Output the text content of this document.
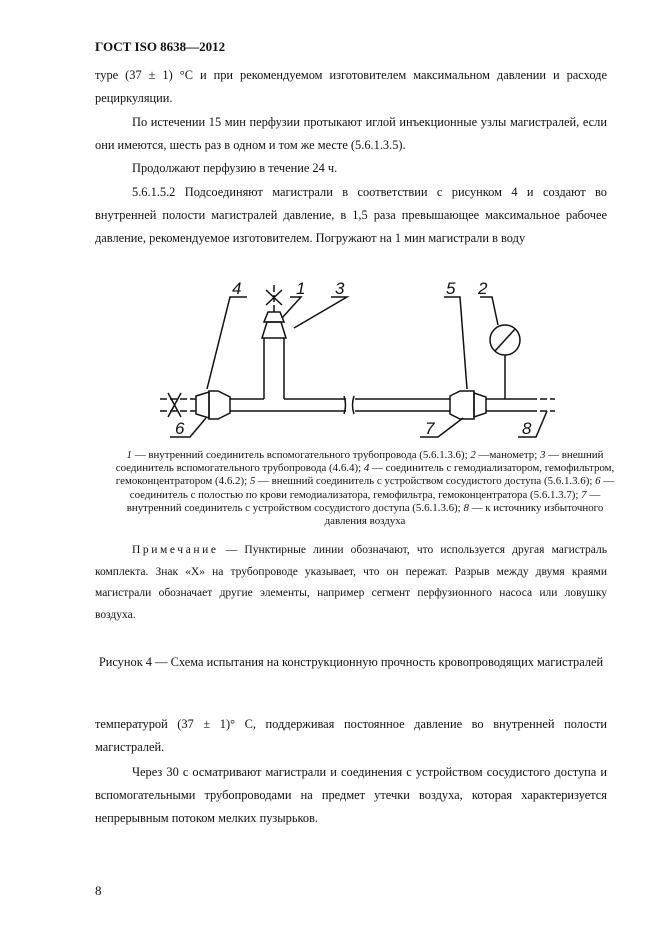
ГОСТ ISO 8638—2012
туре (37 ± 1) °С и при рекомендуемом изготовителем максимальном давлении и расходе рециркуляции.
По истечении 15 мин перфузии протыкают иглой инъекционные узлы магистралей, если они имеются, шесть раз в одном и том же месте (5.6.1.3.5).
Продолжают перфузию в течение 24 ч.
5.6.1.5.2 Подсоединяют магистрали в соответствии с рисунком 4 и создают во внутренней полости магистралей давление, в 1,5 раза превышающее максимальное рабочее давление, рекомендуемое изготовителем. Погружают на 1 мин магистрали в воду
4	1 3	5 2
6	7	8
1 — внутренний соединитель вспомогательного трубопровода (5.6.1.3.6); 2 —манометр; 3 — внешний соединитель вспомогательного трубопровода (4.6.4); 4 — соединитель с гемодиализатором, гемофильтром, гемоконцентратором (4.6.2); 5 — внешний соединитель с устройством сосудистого доступа (5.6.1.3.6); 6 — соединитель с полостью по крови гемодиализатора, гемофильтра, гемоконцентратора (5.6.1.3.7); 7 — внутренний соединитель с устройством сосудистого доступа (5.6.1.3.6); 8 — к источнику избыточного давления воздуха
Примечание — Пунктирные линии обозначают, что используется другая магистраль комплекта. Знак «Х» на трубопроводе указывает, что он пережат. Разрыв между двумя краями магистрали обозначает другие элементы, например сегмент перфузионного насоса или ловушку воздуха.
Рисунок 4 — Схема испытания на конструкционную прочность кровопроводящих магистралей
температурой (37 ± 1)° С, поддерживая постоянное давление во внутренней полости магистралей.
Через 30 с осматривают магистрали и соединения с устройством сосудистого доступа и вспомогательными трубопроводами на предмет утечки воздуха, которая характеризуется непрерывным потоком мелких пузырьков.
8
